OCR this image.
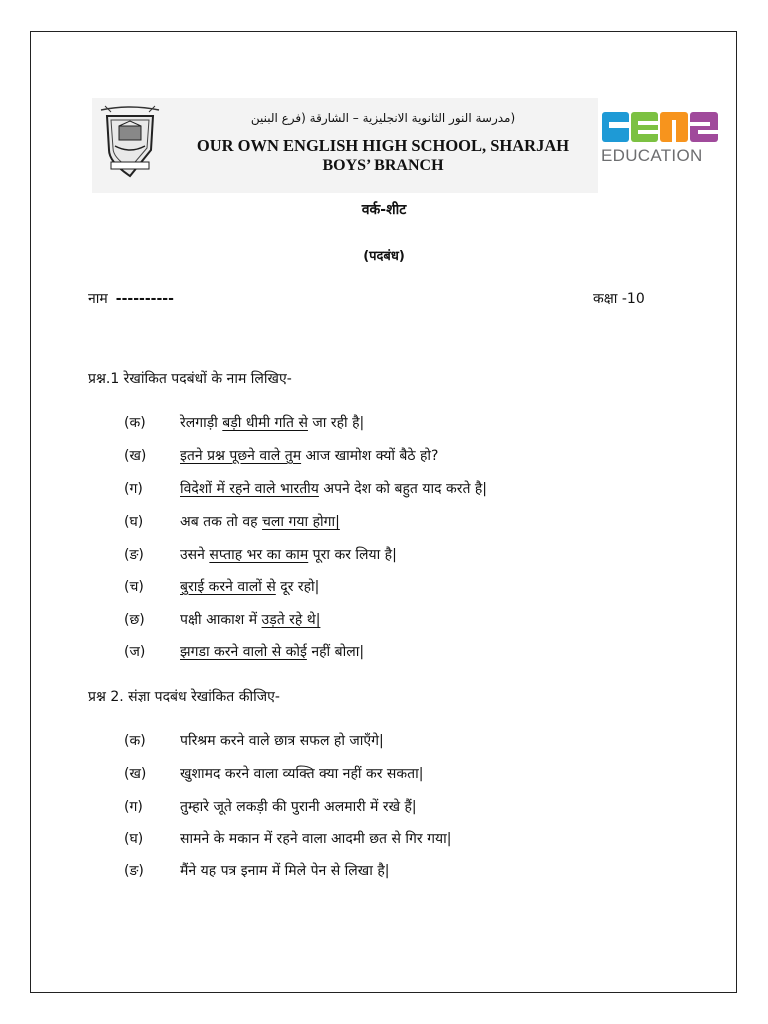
(مدرسة النور الثانوية الانجليزية – الشارقة (فرع البنين
OUR OWN ENGLISH HIGH SCHOOL, SHARJAH
BOYS’ BRANCH
EDUCATION
वर्क-शीट
(पदबंध)
नाम ----------	कक्षा -10
प्रश्न.1 रेखांकित पदबंधों के नाम लिखिए-
(क) रेलगाड़ी बड़ी धीमी गति से जा रही है|
(ख) इतने प्रश्न पूछने वाले तुम आज खामोश क्यों बैठे हो?
(ग)	विदेशों में रहने वाले भारतीय अपने देश को बहुत याद करते है|
(घ)	अब तक तो वह चला गया होगा|
(ङ)	उसने सप्ताह भर का काम पूरा कर लिया है|
(च)	बुराई करने वालों से दूर रहो|
(छ)	पक्षी आकाश में उड़ते रहे थे|
(ज) झगडा करने वालो से कोई नहीं बोला|
प्रश्न 2. संज्ञा पदबंध रेखांकित कीजिए-
(क) परिश्रम करने वाले छात्र सफल हो जाएँगे|
(ख) खुशामद करने वाला व्यक्ति क्या नहीं कर सकता|
(ग)	तुम्हारे जूते लकड़ी की पुरानी अलमारी में रखे हैं|
(घ)	सामने के मकान में रहने वाला आदमी छत से गिर गया|
(ङ)	मैंने यह पत्र इनाम में मिले पेन से लिखा है|
